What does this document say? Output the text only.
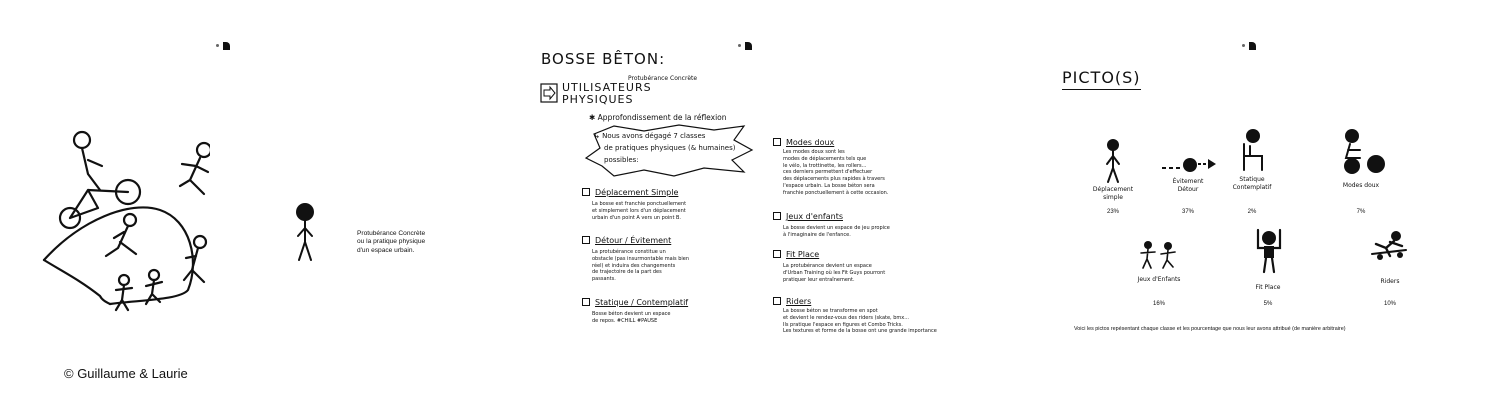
Protubérance Concrète
ou la pratique physique
d'un espace urbain.
© Guillaume & Laurie
BOSSE BÊTON:
Protubérance Concrète
UTILISATEURS
PHYSIQUES
✱ Approfondissement de la réflexion
↳ Nous avons dégagé 7 classes
de pratiques physiques (& humaines)
possibles:
Déplacement Simple
La bosse est franchie ponctuellement
et simplement lors d'un déplacement
urbain d'un point A vers un point B.
Détour / Évitement
La protubérance constitue un
obstacle (pas insurmontable mais bien
réel) et induira des changements
de trajectoire de la part des
passants.
Statique / Contemplatif
Bosse béton devient un espace
de repos. #CHILL #PAUSE
Modes doux
Les modes doux sont les
modes de déplacements tels que
le vélo, la trottinette, les rollers...
ces derniers permettent d'effectuer
des déplacements plus rapides à travers
l'espace urbain. La bosse béton sera
franchie ponctuellement à cette occasion.
Jeux d'enfants
La bosse devient un espace de jeu propice
à l'imaginaire de l'enfance.
Fit Place
La protubérance devient un espace
d'Urban Training où les Fit Guys pourront
pratiquer leur entraînement.
Riders
La bosse béton se transforme en spot
et devient le rendez-vous des riders (skate, bmx...
Ils pratique l'espace en figures et Combo Tricks.
Les textures et forme de la bosse ont une grande importance
PICTO(S)
Déplacement
simple
23%
Évitement
Détour
37%
Statique
Contemplatif
2%
Modes doux
7%
Jeux d'Enfants
16%
Fit Place
5%
Riders
10%
Voici les pictos repésentant chaque classe et les pourcentage que nous leur avons attribué (de manière arbitraire)
